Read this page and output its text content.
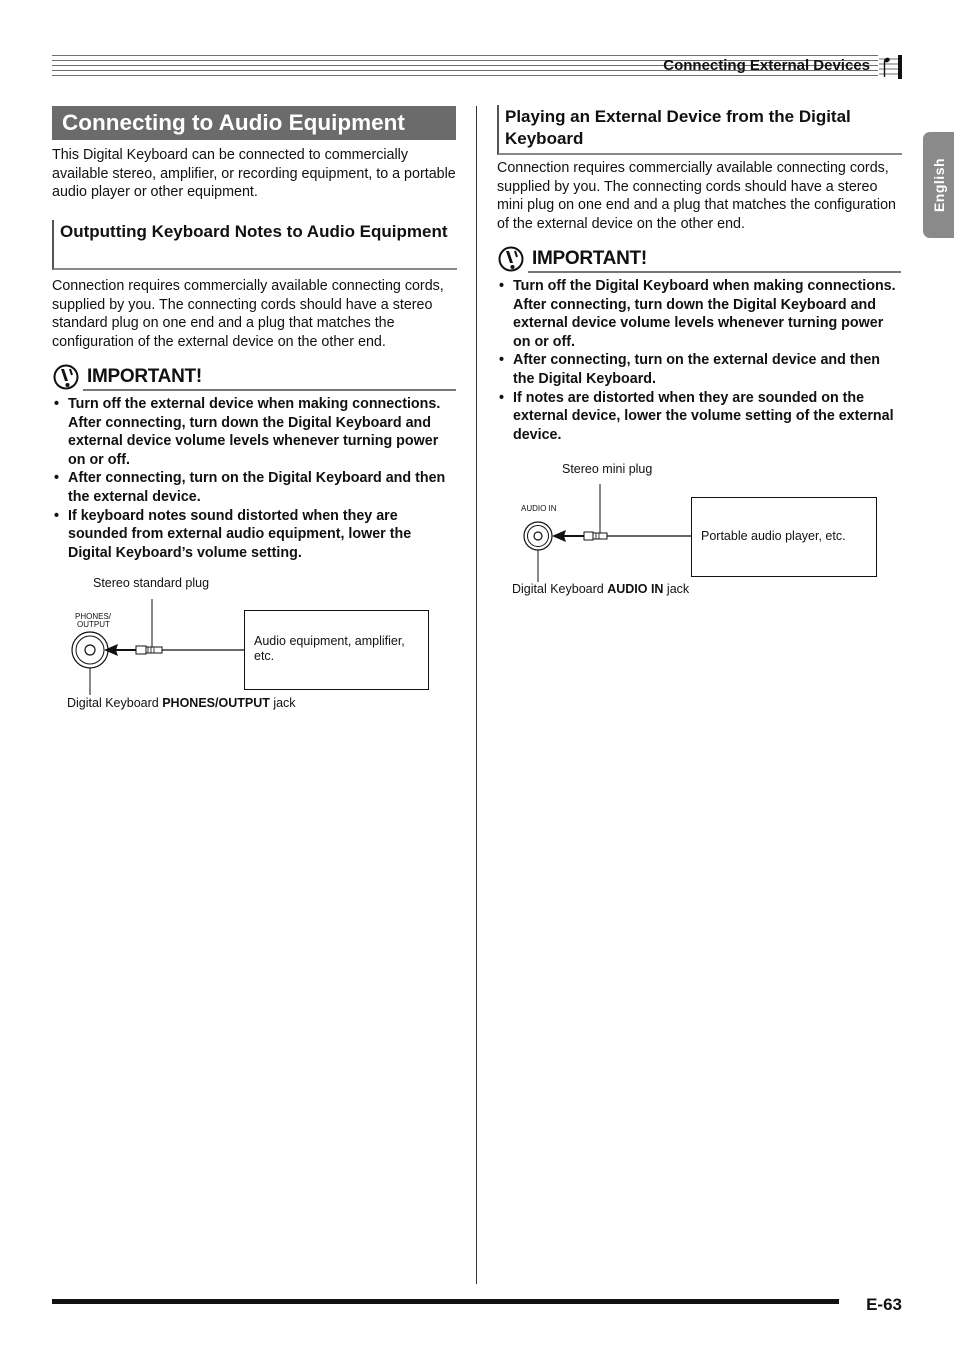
Connecting External Devices
English
Connecting to Audio Equipment
This Digital Keyboard can be connected to commercially available stereo, amplifier, or recording equipment, to a portable audio player or other equipment.
Outputting Keyboard Notes to Audio Equipment
Connection requires commercially available connecting cords, supplied by you. The connecting cords should have a stereo standard plug on one end and a plug that matches the configuration of the external device on the other end.
IMPORTANT!
• Turn off the external device when making connections. After connecting, turn down the Digital Keyboard and external device volume levels whenever turning power on or off.
• After connecting, turn on the Digital Keyboard and then the external device.
• If keyboard notes sound distorted when they are sounded from external audio equipment, lower the Digital Keyboard’s volume setting.
Stereo standard plug
PHONES/
OUTPUT
Audio equipment, amplifier, etc.
Digital Keyboard PHONES/OUTPUT jack
Playing an External Device from the Digital Keyboard
Connection requires commercially available connecting cords, supplied by you. The connecting cords should have a stereo mini plug on one end and a plug that matches the configuration of the external device on the other end.
IMPORTANT!
• Turn off the Digital Keyboard when making connections. After connecting, turn down the Digital Keyboard and external device volume levels whenever turning power on or off.
• After connecting, turn on the external device and then the Digital Keyboard.
• If notes are distorted when they are sounded on the external device, lower the volume setting of the external device.
Stereo mini plug
AUDIO IN
Portable audio player, etc.
Digital Keyboard AUDIO IN jack
E-63
